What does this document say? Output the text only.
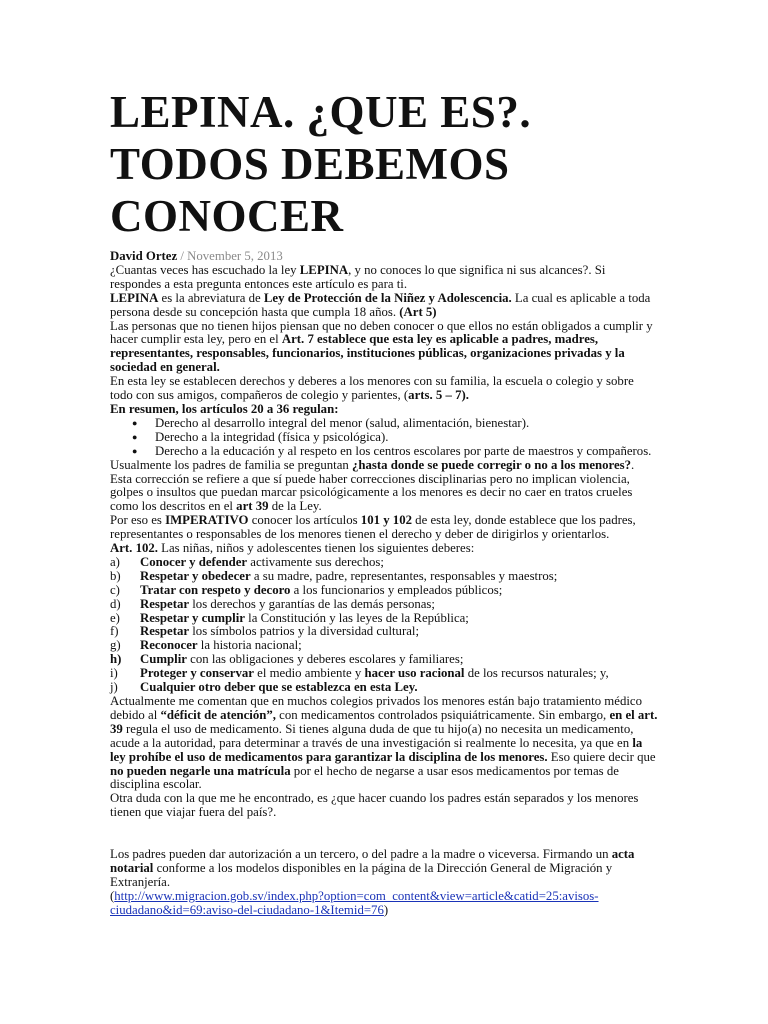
LEPINA. ¿QUE ES?.
TODOS DEBEMOS
CONOCER

David Ortez / November 5, 2013

¿Cuantas veces has escuchado la ley LEPINA, y no conoces lo que significa ni sus alcances?. Si respondes a esta pregunta entonces este artículo es para ti.

LEPINA es la abreviatura de Ley de Protección de la Niñez y Adolescencia. La cual es aplicable a toda persona desde su concepción hasta que cumpla 18 años. (Art 5)

Las personas que no tienen hijos piensan que no deben conocer o que ellos no están obligados a cumplir y hacer cumplir esta ley, pero en el Art. 7 establece que esta ley es aplicable a padres, madres, representantes, responsables, funcionarios, instituciones públicas, organizaciones privadas y la sociedad en general.

En esta ley se establecen derechos y deberes a los menores con su familia, la escuela o colegio y sobre todo con sus amigos, compañeros de colegio y parientes, (arts. 5 – 7).

En resumen, los artículos 20 a 36 regulan:

● Derecho al desarrollo integral del menor (salud, alimentación, bienestar).
● Derecho a la integridad (física y psicológica).
● Derecho a la educación y al respeto en los centros escolares por parte de maestros y compañeros.

Usualmente los padres de familia se preguntan ¿hasta donde se puede corregir o no a los menores?. Esta corrección se refiere a que sí puede haber correcciones disciplinarias pero no implican violencia, golpes o insultos que puedan marcar psicológicamente a los menores es decir no caer en tratos crueles como los descritos en el art 39 de la Ley.

Por eso es IMPERATIVO conocer los artículos 101 y 102 de esta ley, donde establece que los padres, representantes o responsables de los menores tienen el derecho y deber de dirigirlos y orientarlos.

Art. 102. Las niñas, niños y adolescentes tienen los siguientes deberes:

a)	Conocer y defender activamente sus derechos;
b)	Respetar y obedecer a su madre, padre, representantes, responsables y maestros;
c)	Tratar con respeto y decoro a los funcionarios y empleados públicos;
d)	Respetar los derechos y garantías de las demás personas;
e)	Respetar y cumplir la Constitución y las leyes de la República;
f)	Respetar los símbolos patrios y la diversidad cultural;
g)	Reconocer la historia nacional;
h)	Cumplir con las obligaciones y deberes escolares y familiares;
i)	Proteger y conservar el medio ambiente y hacer uso racional de los recursos naturales; y,
j)	Cualquier otro deber que se establezca en esta Ley.

Actualmente me comentan que en muchos colegios privados los menores están bajo tratamiento médico debido al “déficit de atención”, con medicamentos controlados psiquiátricamente. Sin embargo, en el art. 39 regula el uso de medicamento. Si tienes alguna duda de que tu hijo(a) no necesita un medicamento, acude a la autoridad, para determinar a través de una investigación si realmente lo necesita, ya que en la ley prohíbe el uso de medicamentos para garantizar la disciplina de los menores. Eso quiere decir que no pueden negarle una matrícula por el hecho de negarse a usar esos medicamentos por temas de disciplina escolar.

Otra duda con la que me he encontrado, es ¿que hacer cuando los padres están separados y los menores tienen que viajar fuera del país?.

Los padres pueden dar autorización a un tercero, o del padre a la madre o viceversa. Firmando un acta notarial conforme a los modelos disponibles en la página de la Dirección General de Migración y Extranjería.

(http://www.migracion.gob.sv/index.php?option=com_content&view=article&catid=25:avisos-ciudadano&id=69:aviso-del-ciudadano-1&Itemid=76)
